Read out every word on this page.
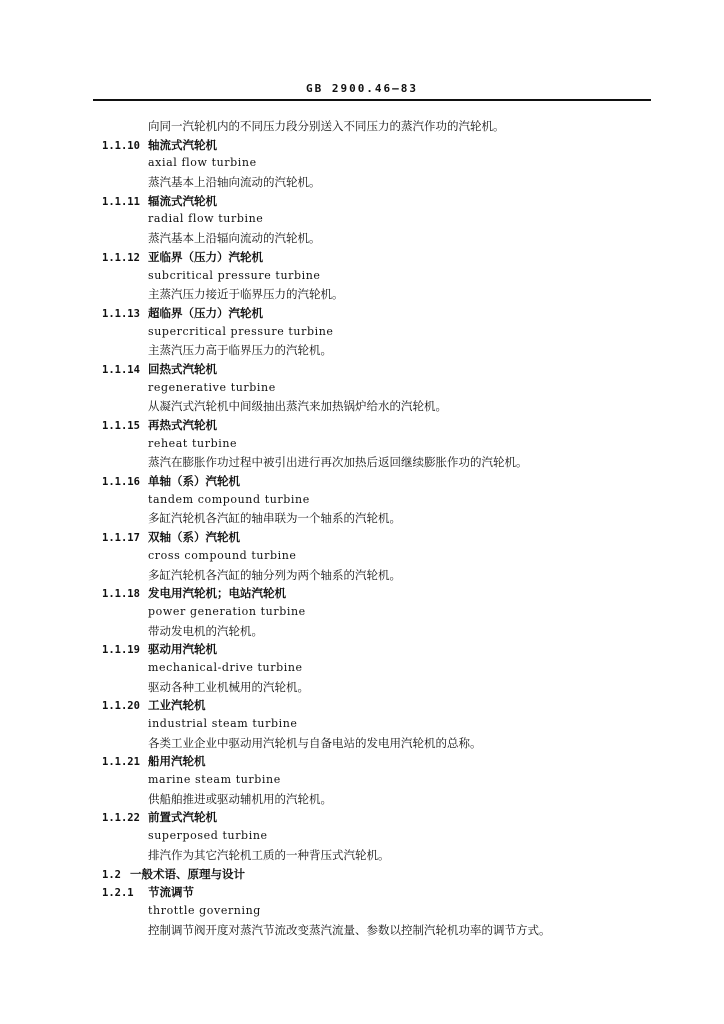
GB 2900.46—83
向同一汽轮机内的不同压力段分别送入不同压力的蒸汽作功的汽轮机。
1.1.10 轴流式汽轮机
axial flow turbine
蒸汽基本上沿轴向流动的汽轮机。
1.1.11 辐流式汽轮机
radial flow turbine
蒸汽基本上沿辐向流动的汽轮机。
1.1.12 亚临界（压力）汽轮机
subcritical pressure turbine
主蒸汽压力接近于临界压力的汽轮机。
1.1.13 超临界（压力）汽轮机
supercritical pressure turbine
主蒸汽压力高于临界压力的汽轮机。
1.1.14 回热式汽轮机
regenerative turbine
从凝汽式汽轮机中间级抽出蒸汽来加热锅炉给水的汽轮机。
1.1.15 再热式汽轮机
reheat turbine
蒸汽在膨胀作功过程中被引出进行再次加热后返回继续膨胀作功的汽轮机。
1.1.16 单轴（系）汽轮机
tandem compound turbine
多缸汽轮机各汽缸的轴串联为一个轴系的汽轮机。
1.1.17 双轴（系）汽轮机
cross compound turbine
多缸汽轮机各汽缸的轴分列为两个轴系的汽轮机。
1.1.18 发电用汽轮机；电站汽轮机
power generation turbine
带动发电机的汽轮机。
1.1.19 驱动用汽轮机
mechanical-drive turbine
驱动各种工业机械用的汽轮机。
1.1.20 工业汽轮机
industrial steam turbine
各类工业企业中驱动用汽轮机与自备电站的发电用汽轮机的总称。
1.1.21 船用汽轮机
marine steam turbine
供船舶推进或驱动辅机用的汽轮机。
1.1.22 前置式汽轮机
superposed turbine
排汽作为其它汽轮机工质的一种背压式汽轮机。
1.2 一般术语、原理与设计
1.2.1 节流调节
throttle governing
控制调节阀开度对蒸汽节流改变蒸汽流量、参数以控制汽轮机功率的调节方式。
